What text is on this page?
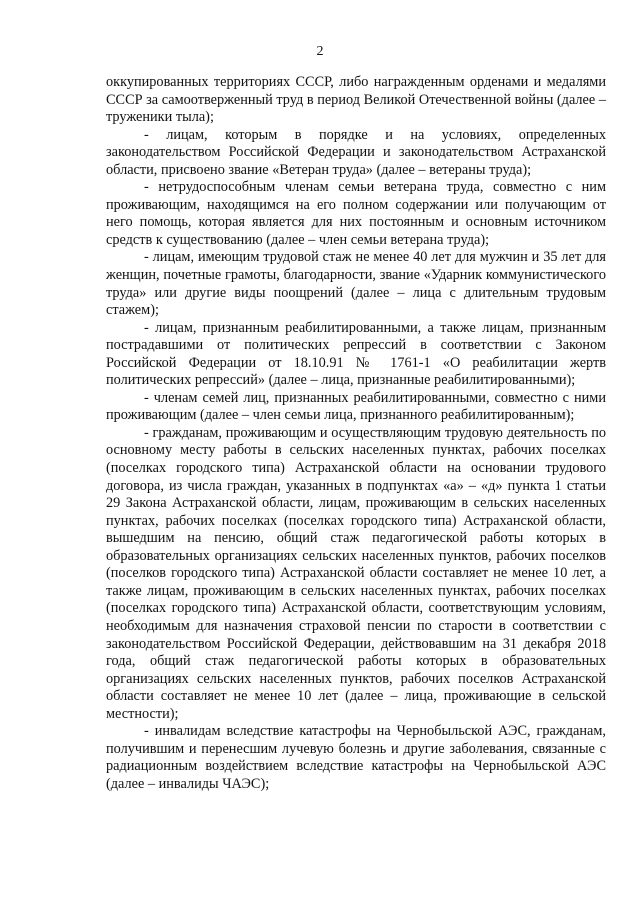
2

оккупированных территориях СССР, либо награжденным орденами и медалями СССР за самоотверженный труд в период Великой Отечественной войны (далее – труженики тыла);

- лицам, которым в порядке и на условиях, определенных законодательством Российской Федерации и законодательством Астраханской области, присвоено звание «Ветеран труда» (далее – ветераны труда);

- нетрудоспособным членам семьи ветерана труда, совместно с ним проживающим, находящимся на его полном содержании или получающим от него помощь, которая является для них постоянным и основным источником средств к существованию (далее – член семьи ветерана труда);

- лицам, имеющим трудовой стаж не менее 40 лет для мужчин и 35 лет для женщин, почетные грамоты, благодарности, звание «Ударник коммунистического труда» или другие виды поощрений (далее – лица с длительным трудовым стажем);

- лицам, признанным реабилитированными, а также лицам, признанным пострадавшими от политических репрессий в соответствии с Законом Российской Федерации от 18.10.91 № 1761-1 «О реабилитации жертв политических репрессий» (далее – лица, признанные реабилитированными);

- членам семей лиц, признанных реабилитированными, совместно с ними проживающим (далее – член семьи лица, признанного реабилитированным);

- гражданам, проживающим и осуществляющим трудовую деятельность по основному месту работы в сельских населенных пунктах, рабочих поселках (поселках городского типа) Астраханской области на основании трудового договора, из числа граждан, указанных в подпунктах «а» – «д» пункта 1 статьи 29 Закона Астраханской области, лицам, проживающим в сельских населенных пунктах, рабочих поселках (поселках городского типа) Астраханской области, вышедшим на пенсию, общий стаж педагогической работы которых в образовательных организациях сельских населенных пунктов, рабочих поселков (поселков городского типа) Астраханской области составляет не менее 10 лет, а также лицам, проживающим в сельских населенных пунктах, рабочих поселках (поселках городского типа) Астраханской области, соответствующим условиям, необходимым для назначения страховой пенсии по старости в соответствии с законодательством Российской Федерации, действовавшим на 31 декабря 2018 года, общий стаж педагогической работы которых в образовательных организациях сельских населенных пунктов, рабочих поселков Астраханской области составляет не менее 10 лет (далее – лица, проживающие в сельской местности);

- инвалидам вследствие катастрофы на Чернобыльской АЭС, гражданам, получившим и перенесшим лучевую болезнь и другие заболевания, связанные с радиационным воздействием вследствие катастрофы на Чернобыльской АЭС (далее – инвалиды ЧАЭС);
